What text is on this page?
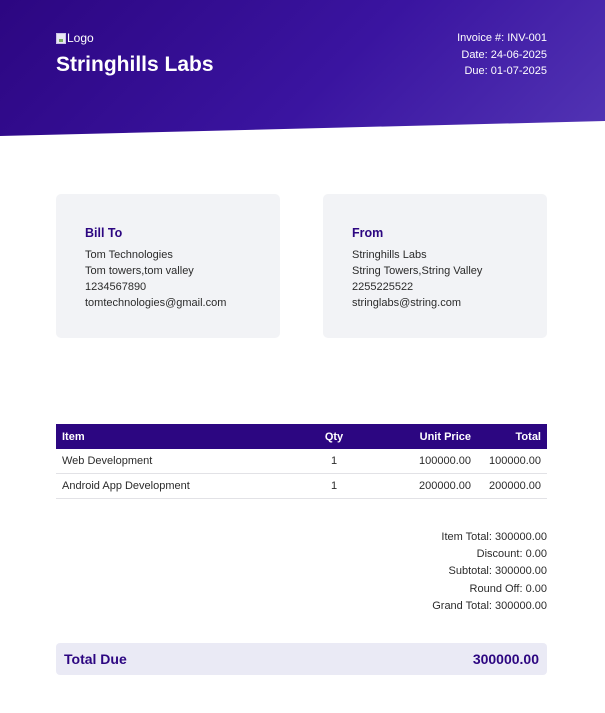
Logo
Stringhills Labs
Invoice #: INV-001
Date: 24-06-2025
Due: 01-07-2025
Bill To
Tom Technologies
Tom towers,tom valley
1234567890
tomtechnologies@gmail.com
From
Stringhills Labs
String Towers,String Valley
2255225522
stringlabs@string.com
Item	Qty	Unit Price	Total
Web Development	1	100000.00	100000.00
Android App Development	1	200000.00	200000.00
Item Total: 300000.00
Discount: 0.00
Subtotal: 300000.00
Round Off: 0.00
Grand Total: 300000.00
Total Due	300000.00
